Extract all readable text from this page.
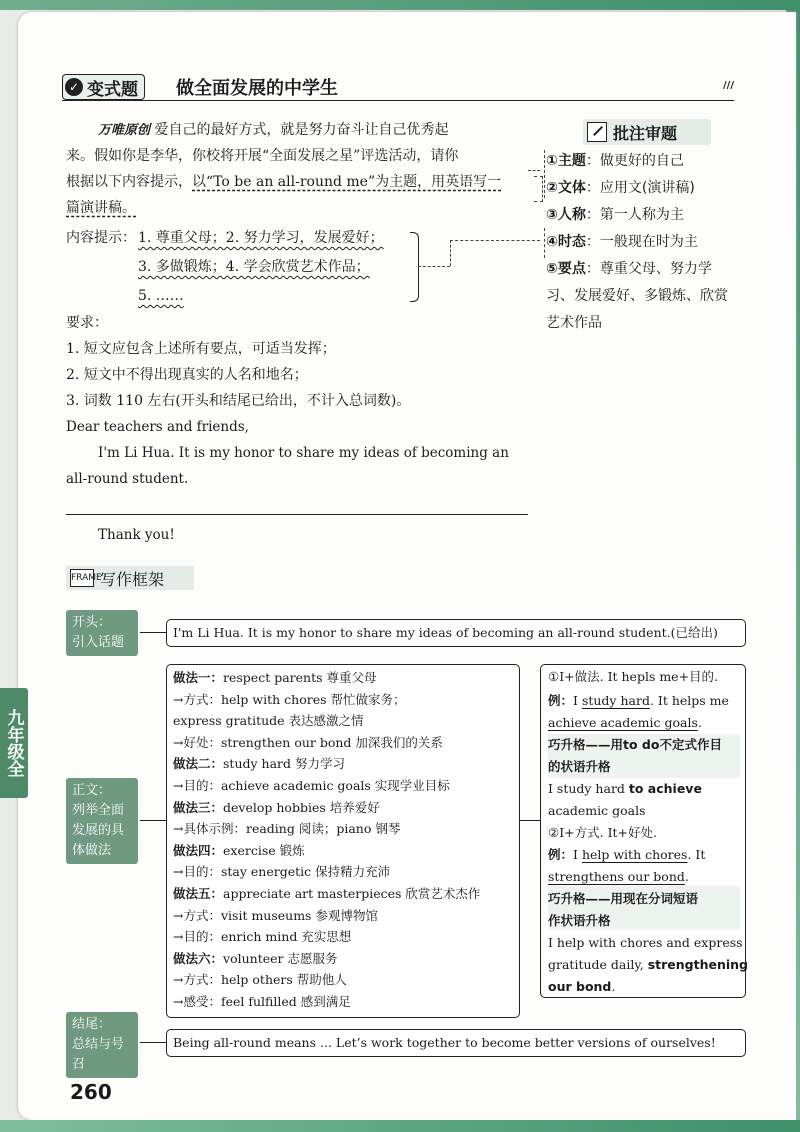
✓ 变式题 做全面发展的中学生	///
万唯原创 爱自己的最好方式，就是努力奋斗让自己优秀起
来。假如你是李华，你校将开展“全面发展之星”评选活动，请你
根据以下内容提示，以“To be an all-round me”为主题，用英语写一
篇演讲稿。
内容提示： 1. 尊重父母；2. 努力学习，发展爱好；
3. 多做锻炼；4. 学会欣赏艺术作品；
5. ……
要求：
1. 短文应包含上述所有要点，可适当发挥；
2. 短文中不得出现真实的人名和地名；
3. 词数 110 左右(开头和结尾已给出，不计入总词数)。
Dear teachers and friends,
I'm Li Hua. It is my honor to share my ideas of becoming an
all-round student.
Thank you!
批注审题
①主题：做更好的自己
②文体：应用文(演讲稿)
③人称：第一人称为主
④时态：一般现在时为主
⑤要点：尊重父母、努力学
习、发展爱好、多锻炼、欣赏
艺术作品
FRAME
写作框架
开头：
引入话题
正文：
列举全面
发展的具
体做法
结尾：
总结与号
召
I'm Li Hua. It is my honor to share my ideas of becoming an all-round student.(已给出)
做法一：respect parents 尊重父母
→方式：help with chores 帮忙做家务；
express gratitude 表达感激之情
→好处：strengthen our bond 加深我们的关系
做法二：study hard 努力学习
→目的：achieve academic goals 实现学业目标
做法三：develop hobbies 培养爱好
→具体示例：reading 阅读；piano 钢琴
做法四：exercise 锻炼
→目的：stay energetic 保持精力充沛
做法五：appreciate art masterpieces 欣赏艺术杰作
→方式：visit museums 参观博物馆
→目的：enrich mind 充实思想
做法六：volunteer 志愿服务
→方式：help others 帮助他人
→感受：feel fulfilled 感到满足
①I+做法. It hepls me+目的.
例：I study hard. It helps me
achieve academic goals.
巧升格——用to do不定式作目
的状语升格
I study hard to achieve
academic goals
②I+方式. It+好处.
例：I help with chores. It
strengthens our bond.
巧升格——用现在分词短语
作状语升格
I help with chores and express
gratitude daily, strengthening
our bond.
Being all-round means ... Let’s work together to become better versions of ourselves!
九年级全
260
